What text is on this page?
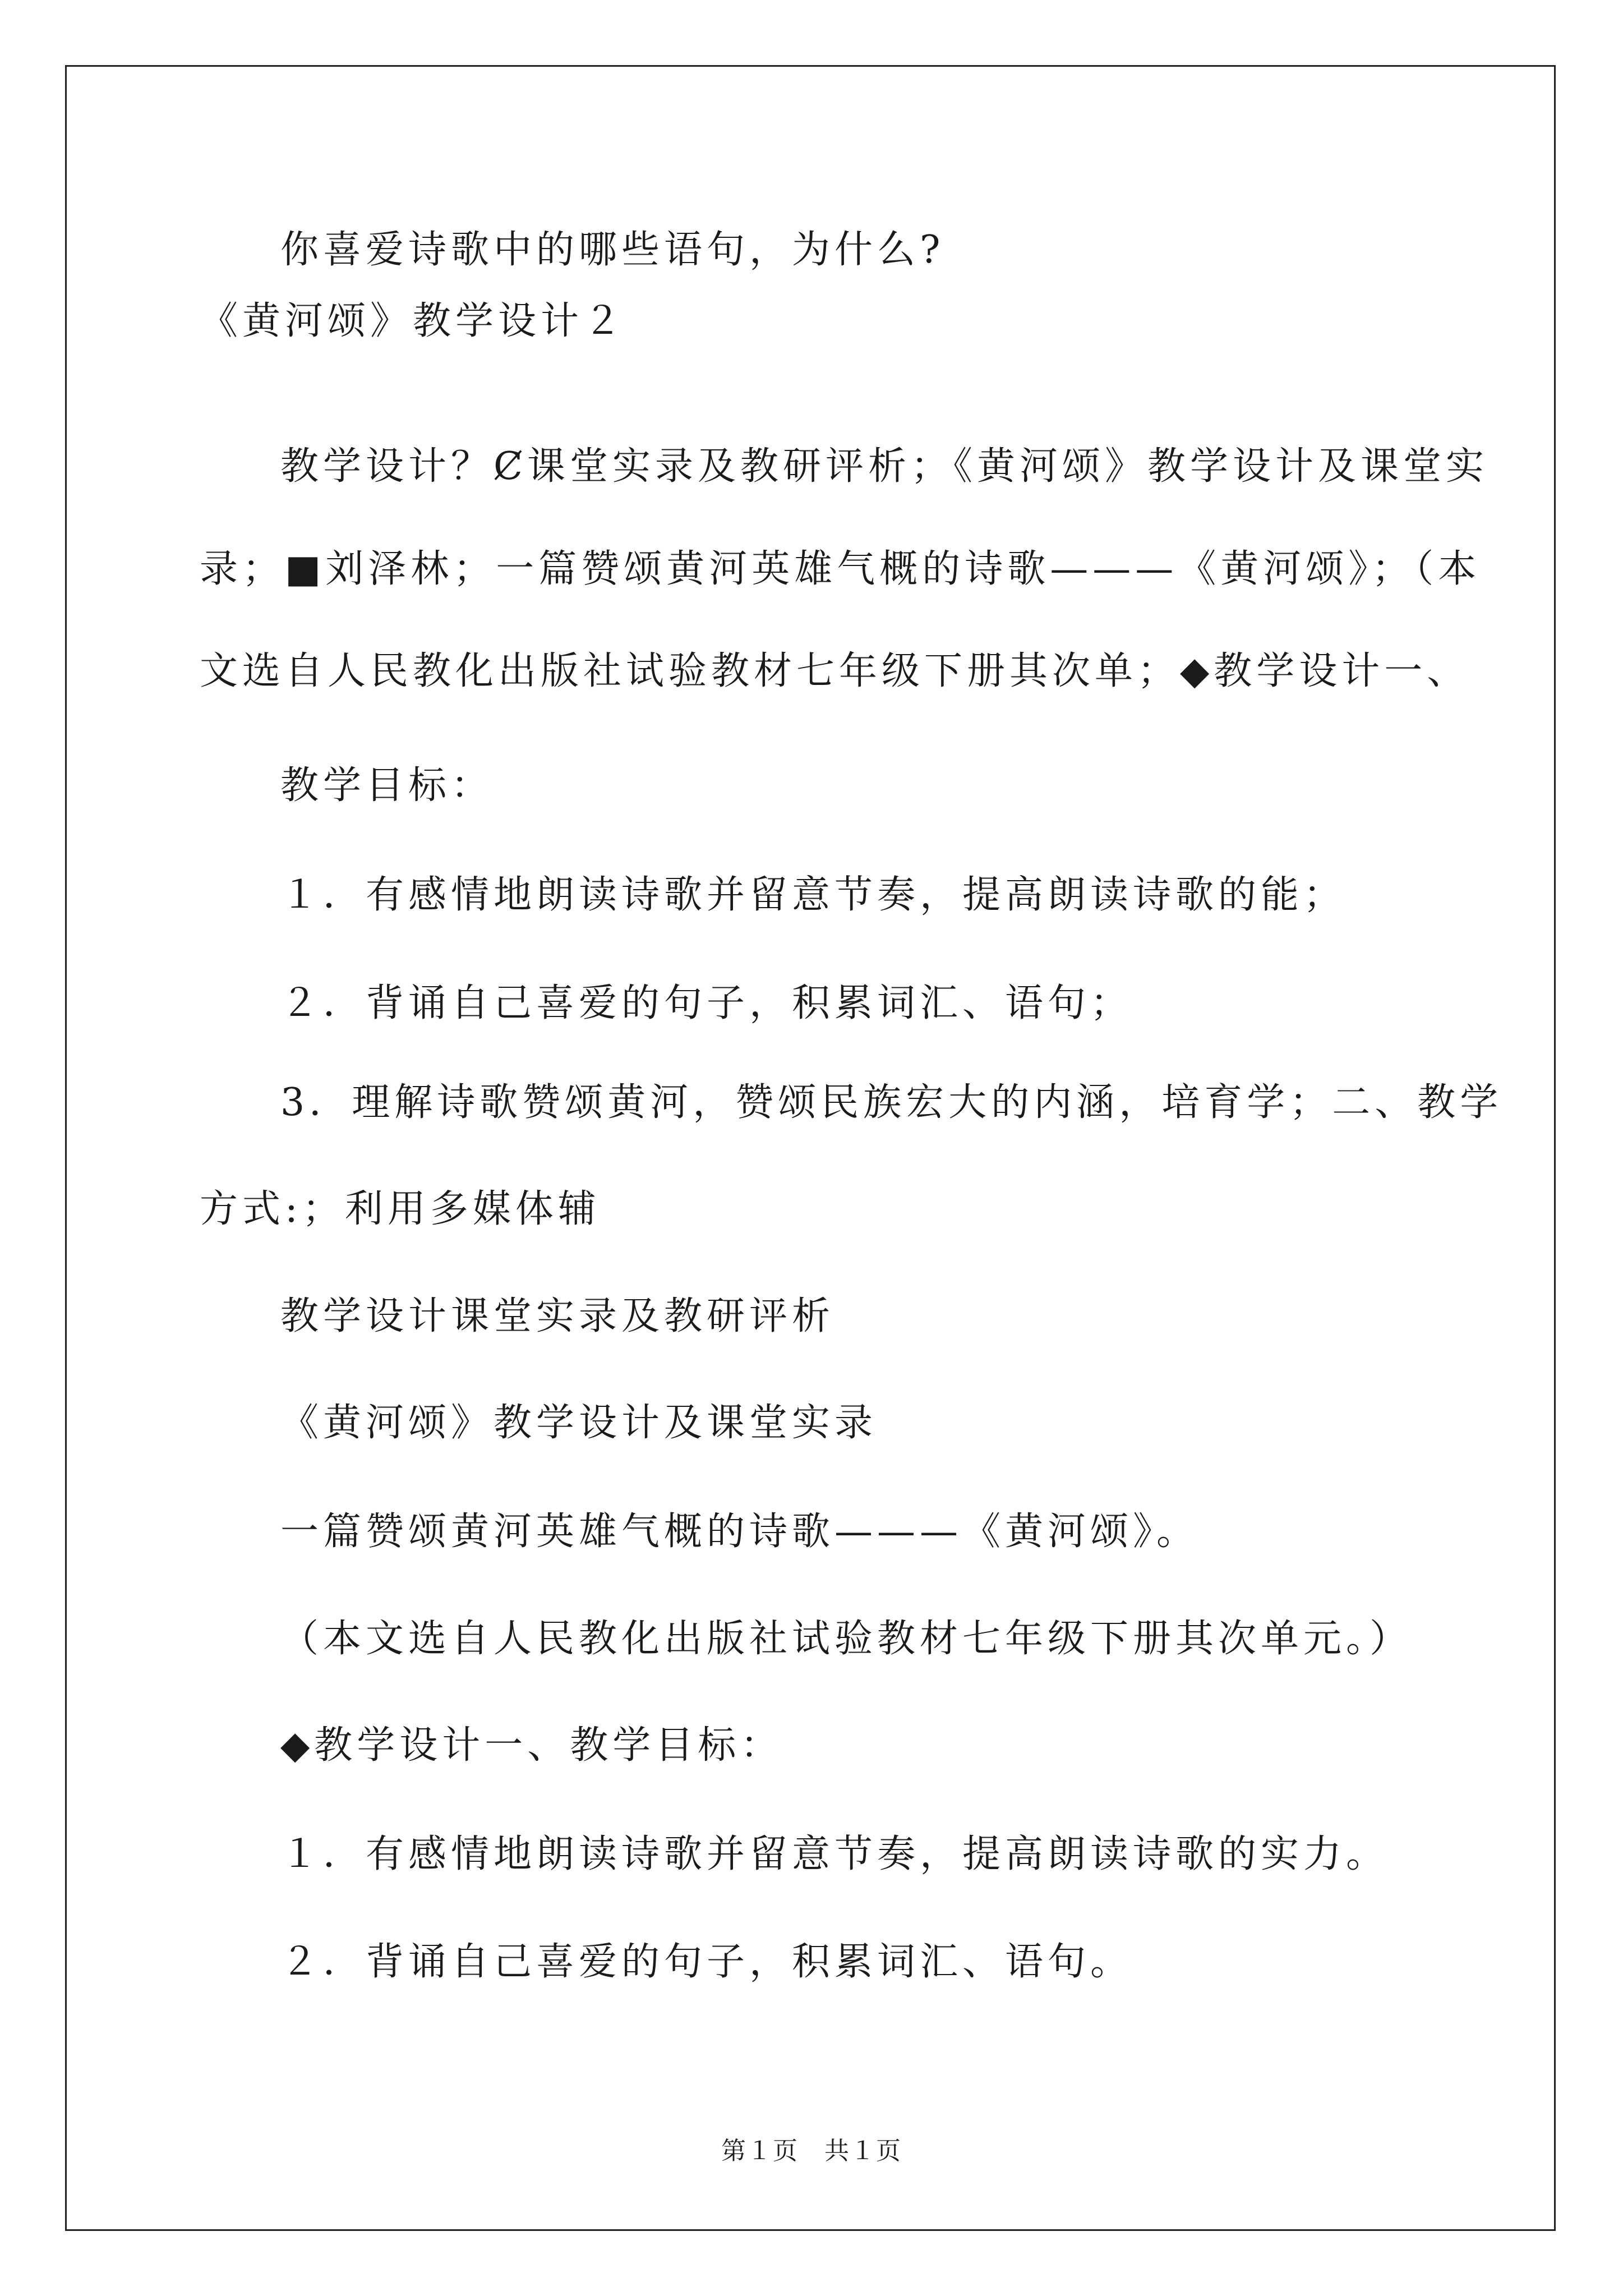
你喜爱诗歌中的哪些语句，为什么?
《黄河颂》教学设计２
教学设计？Ȼ课堂实录及教研评析；《黄河颂》教学设计及课堂实
录；■刘泽林；一篇赞颂黄河英雄气概的诗歌———《黄河颂》；（本
文选自人民教化出版社试验教材七年级下册其次单；◆教学设计一、
教学目标：
１．有感情地朗读诗歌并留意节奏，提高朗读诗歌的能；
２．背诵自己喜爱的句子，积累词汇、语句；
3．理解诗歌赞颂黄河，赞颂民族宏大的内涵，培育学；二、教学
方式:；利用多媒体辅
教学设计课堂实录及教研评析
《黄河颂》教学设计及课堂实录
一篇赞颂黄河英雄气概的诗歌———《黄河颂》。
（本文选自人民教化出版社试验教材七年级下册其次单元。）
◆教学设计一、教学目标：
１．有感情地朗读诗歌并留意节奏，提高朗读诗歌的实力。
２．背诵自己喜爱的句子，积累词汇、语句。
第１页　共１页
